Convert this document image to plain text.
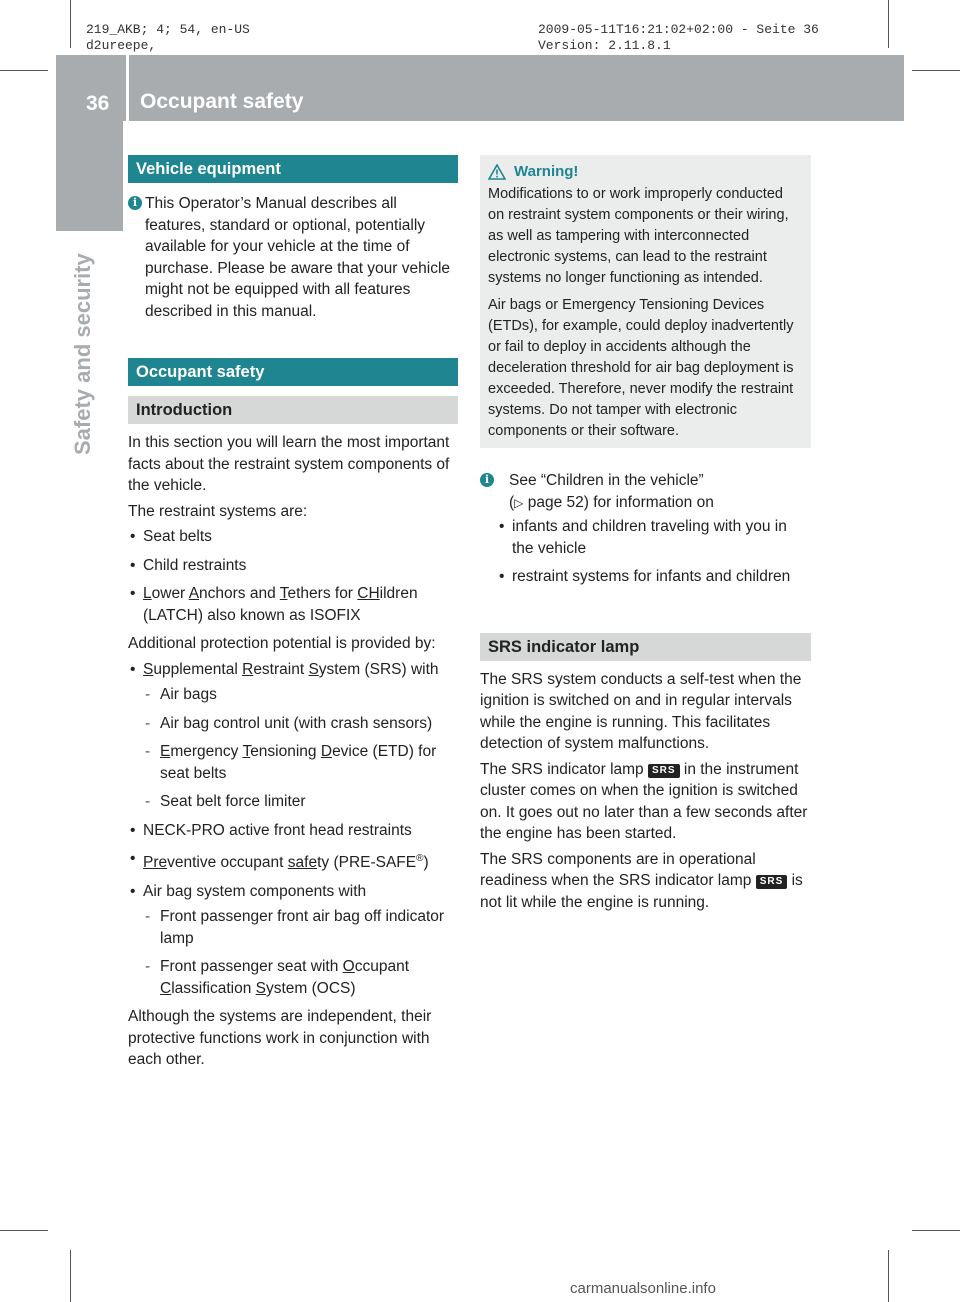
219_AKB; 4; 54, en-US
d2ureepe,
2009-05-11T16:21:02+02:00 - Seite 36
Version: 2.11.8.1
36 Occupant safety
Safety and security
Vehicle equipment

i This Operator’s Manual describes all features, standard or optional, potentially available for your vehicle at the time of purchase. Please be aware that your vehicle might not be equipped with all features described in this manual.

Occupant safety
Introduction

In this section you will learn the most important facts about the restraint system components of the vehicle.

The restraint systems are:

• Seat belts
• Child restraints
• Lower Anchors and Tethers for CHildren (LATCH) also known as ISOFIX

Additional protection potential is provided by:

• Supplemental Restraint System (SRS) with
- Air bags
- Air bag control unit (with crash sensors)
- Emergency Tensioning Device (ETD) for seat belts
- Seat belt force limiter
• NECK-PRO active front head restraints
• Preventive occupant safety (PRE-SAFE®)
• Air bag system components with
- Front passenger front air bag off indicator lamp
- Front passenger seat with Occupant Classification System (OCS)

Although the systems are independent, their protective functions work in conjunction with each other.

Warning!

Modifications to or work improperly conducted on restraint system components or their wiring, as well as tampering with interconnected electronic systems, can lead to the restraint systems no longer functioning as intended.

Air bags or Emergency Tensioning Devices (ETDs), for example, could deploy inadvertently or fail to deploy in accidents although the deceleration threshold for air bag deployment is exceeded. Therefore, never modify the restraint systems. Do not tamper with electronic components or their software.

i	See “Children in the vehicle”
(▷ page 52) for information on
• infants and children traveling with you in the vehicle
• restraint systems for infants and children
SRS indicator lamp

The SRS system conducts a self-test when the ignition is switched on and in regular intervals while the engine is running. This facilitates detection of system malfunctions.

The SRS indicator lamp SRS in the instrument cluster comes on when the ignition is switched on. It goes out no later than a few seconds after the engine has been started.

The SRS components are in operational readiness when the SRS indicator lamp SRS is not lit while the engine is running.

carmanualsonline.info
